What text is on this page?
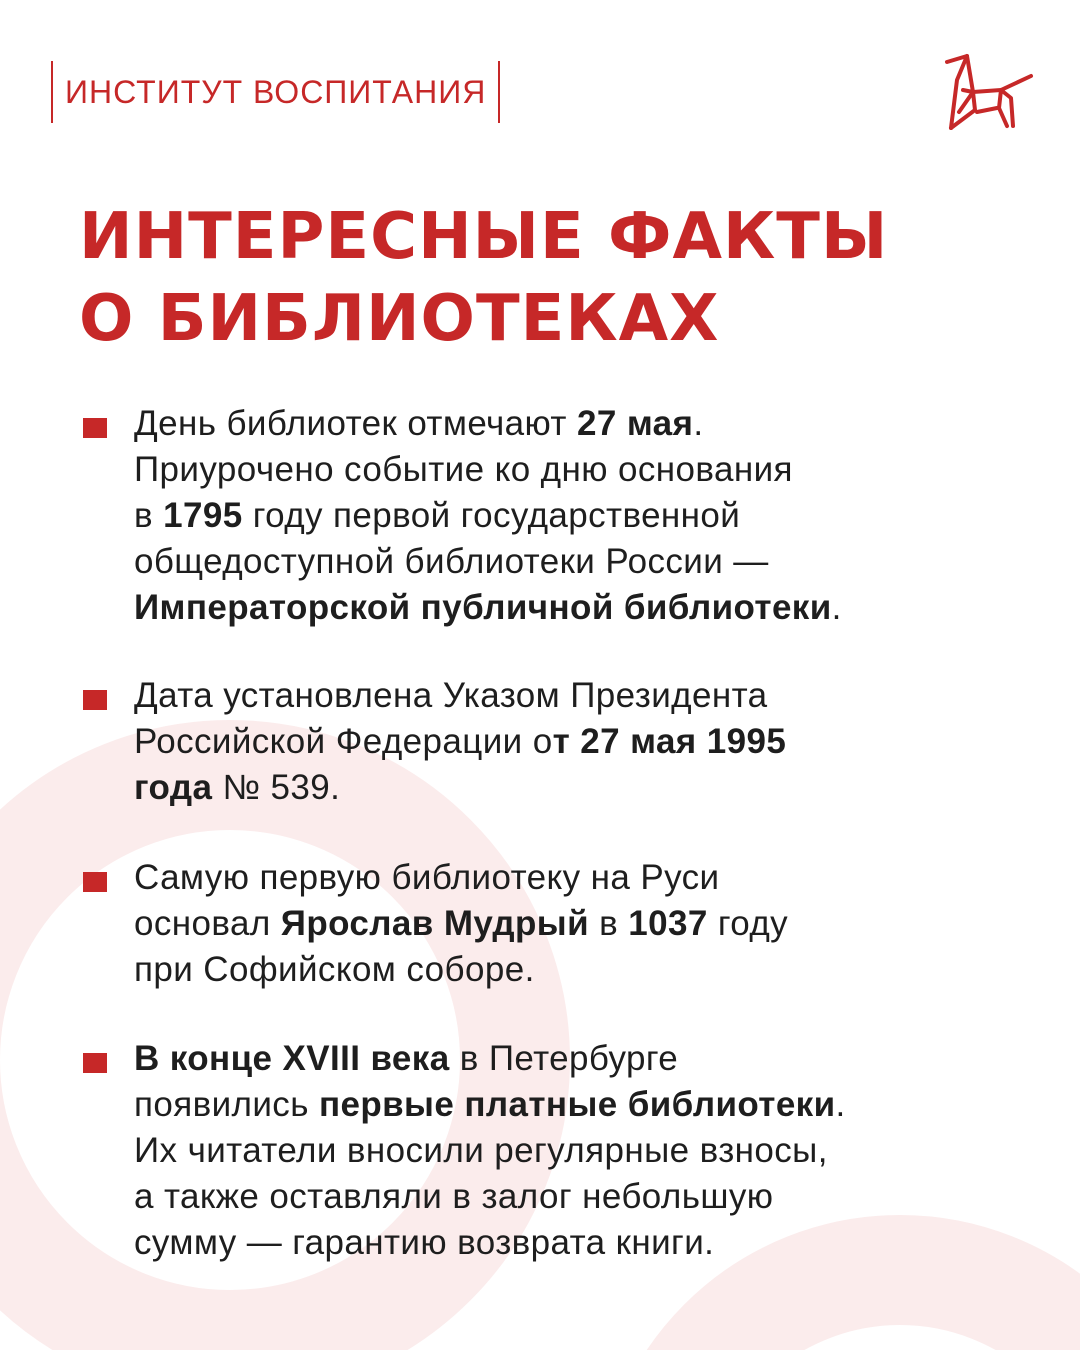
ИНСТИТУТ ВОСПИТАНИЯ
ИНТЕРЕСНЫЕ ФАКТЫ
О БИБЛИОТЕКАХ

День библиотек отмечают 27 мая.
Приурочено событие ко дню основания
в 1795 году первой государственной
общедоступной библиотеки России —
Императорской публичной библиотеки.

Дата установлена Указом Президента
Российской Федерации от 27 мая 1995
года № 539.

Самую первую библиотеку на Руси
основал Ярослав Мудрый в 1037 году
при Софийском соборе.

В конце XVIII века в Петербурге
появились первые платные библиотеки.
Их читатели вносили регулярные взносы,
а также оставляли в залог небольшую
сумму — гарантию возврата книги.
